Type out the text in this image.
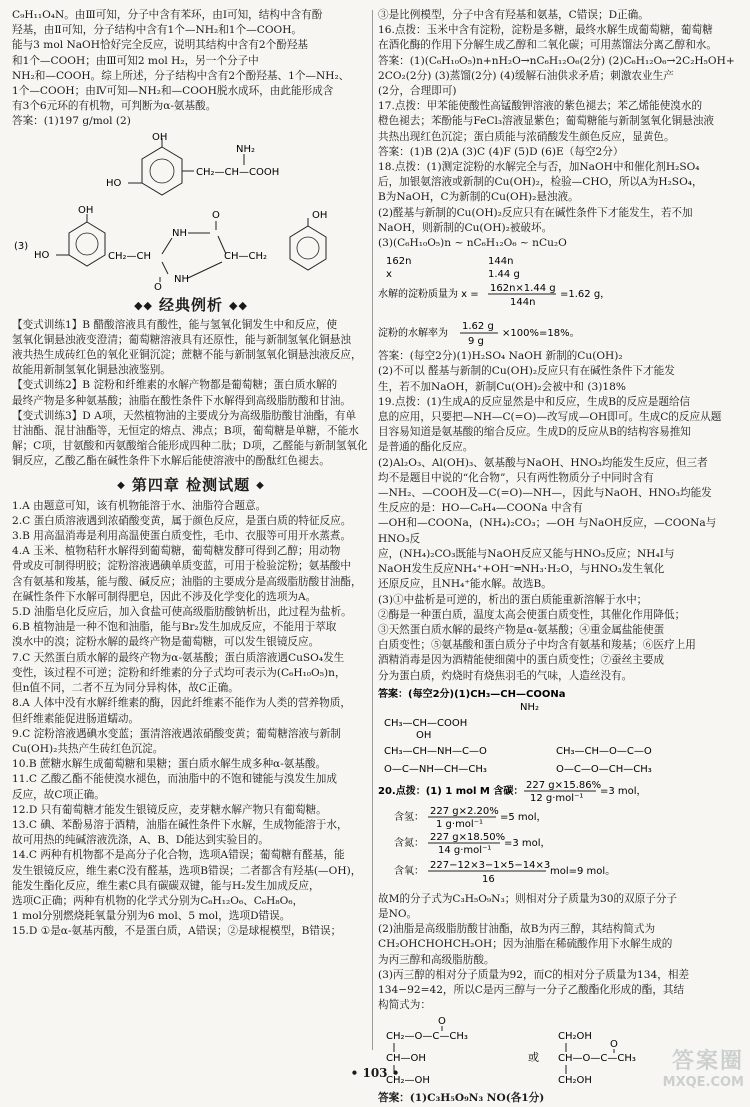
C₉H₁₁O₄N。由Ⅲ可知，分子中含有苯环，由Ⅰ可知，结构中含有酚

羟基，由Ⅱ可知，分子结构中含有1个—NH₂和1个—COOH。

能与3 mol NaOH恰好完全反应，说明其结构中含有2个酚羟基

和1个—COOH；由Ⅲ可知2 mol H₂，另一个分子中

NH₂和—COOH。综上所述，分子结构中含有2个酚羟基、1个—NH₂、

1个—COOH；由Ⅳ可知—NH₂和—COOH脱水成环，由此能形成含

有3个6元环的有机物，可判断为α-氨基酸。

答案：(1)197 g/mol (2)

OH
HO
NH₂
CH₂—CH—COOH
(3)
OH
HO	CH₂—CH
NH
NH
O
O
CH—CH₂
OH
◆◆ 经典例析 ◆◆

【变式训练1】B 醋酸溶液具有酸性，能与氢氧化铜发生中和反应，使

氢氧化铜悬浊液变澄清；葡萄糖溶液具有还原性，能与新制氢氧化铜悬浊

液共热生成砖红色的氧化亚铜沉淀；蔗糖不能与新制氢氧化铜悬浊液反应，

故能用新制氢氧化铜悬浊液鉴别。

【变式训练2】B 淀粉和纤维素的水解产物都是葡萄糖；蛋白质水解的

最终产物是多种氨基酸；油脂在酸性条件下水解得到高级脂肪酸和甘油。

【变式训练3】D A项，天然植物油的主要成分为高级脂肪酸甘油酯，有单

甘油酯、混甘油酯等，无恒定的熔点、沸点；B项，葡萄糖是单糖，不能水

解；C项，甘氨酸和丙氨酸缩合能形成四种二肽；D项，乙醛能与新制氢氧化

铜反应，乙酸乙酯在碱性条件下水解后能使溶液中的酚酞红色褪去。

◆ 第四章 检测试题 ◆

1.A 由题意可知，该有机物能溶于水、油脂符合题意。

2.C 蛋白质溶液遇到浓硝酸变黄，属于颜色反应，是蛋白质的特征反应。

3.B 用高温消毒是利用高温使蛋白质变性，毛巾、衣服等可用开水蒸煮。

4.A 玉米、植物秸秆水解得到葡萄糖，葡萄糖发酵可得到乙醇；用动物

骨或皮可制得明胶；淀粉溶液遇碘单质变蓝，可用于检验淀粉；氨基酸中

含有氨基和羧基，能与酸、碱反应；油脂的主要成分是高级脂肪酸甘油酯，

在碱性条件下水解可制得肥皂，因此不涉及化学变化的选项为A。

5.D 油脂皂化反应后，加入食盐可使高级脂肪酸钠析出，此过程为盐析。

6.B 植物油是一种不饱和油脂，能与Br₂发生加成反应，不能用于萃取

溴水中的溴；淀粉水解的最终产物是葡萄糖，可以发生银镜反应。

7.C 天然蛋白质水解的最终产物为α-氨基酸；蛋白质溶液遇CuSO₄发生

变性，该过程不可逆；淀粉和纤维素的分子式均可表示为(C₆H₁₀O₅)n，

但n值不同，二者不互为同分异构体，故C正确。

8.A 人体中没有水解纤维素的酶，因此纤维素不能作为人类的营养物质，

但纤维素能促进肠道蠕动。

9.C 淀粉溶液遇碘水变蓝；蛋清溶液遇浓硝酸变黄；葡萄糖溶液与新制

Cu(OH)₂共热产生砖红色沉淀。

10.B 蔗糖水解生成葡萄糖和果糖；蛋白质水解生成多种α-氨基酸。

11.C 乙酸乙酯不能使溴水褪色，而油脂中的不饱和键能与溴发生加成

反应，故C项正确。

12.D 只有葡萄糖才能发生银镜反应，麦芽糖水解产物只有葡萄糖。

13.C 碘、苯酚易溶于酒精，油脂在碱性条件下水解，生成物能溶于水，

故可用热的纯碱溶液洗涤，A、B、D能达到实验目的。

14.C 两种有机物都不是高分子化合物，选项A错误；葡萄糖有醛基，能

发生银镜反应，维生素C没有醛基，选项B错误；二者都含有羟基(—OH)，

能发生酯化反应，维生素C具有碳碳双键，能与H₂发生加成反应，

选项C正确；两种有机物的化学式分别为C₆H₁₂O₆、C₆H₈O₆，

1 mol分别燃烧耗氧量分别为6 mol、5 mol，选项D错误。

15.D ①是α-氨基丙酸，不是蛋白质，A错误；②是球棍模型，B错误；

③是比例模型，分子中含有羟基和氨基，C错误；D正确。

16.点拨：玉米中含有淀粉，淀粉是多糖，最终水解生成葡萄糖，葡萄糖

在酒化酶的作用下分解生成乙醇和二氧化碳；可用蒸馏法分离乙醇和水。

答案：(1)(C₆H₁₀O₅)n+nH₂O→nC₆H₁₂O₆(2分) (2)C₆H₁₂O₆→2C₂H₅OH+

2CO₂(2分) (3)蒸馏(2分) (4)缓解石油供求矛盾；刺激农业生产

(2分，合理即可)

17.点拨：甲苯能使酸性高锰酸钾溶液的紫色褪去；苯乙烯能使溴水的

橙色褪去；苯酚能与FeCl₃溶液显紫色；葡萄糖能与新制氢氧化铜悬浊液

共热出现红色沉淀；蛋白质能与浓硝酸发生颜色反应，显黄色。

答案：(1)B (2)A (3)C (4)F (5)D (6)E（每空2分）

18.点拨：(1)测定淀粉的水解完全与否，加NaOH中和催化剂H₂SO₄

后，加银氨溶液或新制的Cu(OH)₂，检验—CHO，所以A为H₂SO₄，

B为NaOH，C为新制的Cu(OH)₂悬浊液。

(2)醛基与新制的Cu(OH)₂反应只有在碱性条件下才能发生，若不加

NaOH，则新制的Cu(OH)₂被破坏。

(3)(C₆H₁₀O₅)n ~ nC₆H₁₂O₆ ~ nCu₂O

162n	144n
x	1.44 g
水解的淀粉质量为 x =
162n×1.44 g
144n
=1.62 g，
淀粉的水解率为
1.62 g
9 g
×100%=18%。

答案：(每空2分)(1)H₂SO₄ NaOH 新制的Cu(OH)₂

(2)不可以 醛基与新制的Cu(OH)₂反应只有在碱性条件下才能发

生，若不加NaOH，新制Cu(OH)₂会被中和 (3)18%

19.点拨：(1)生成A的反应显然是中和反应，生成B的反应是题给信

息的应用，只要把—NH—C(=O)—改写成—OH即可。生成C的反应从题

目容易知道是氨基酸的缩合反应。生成D的反应从B的结构容易推知

是普通的酯化反应。

(2)Al₂O₃、Al(OH)₃、氨基酸与NaOH、HNO₃均能发生反应，但三者

均不是题目中说的“化合物”，只有两性物质分子中同时含有

—NH₂、—COOH及—C(=O)—NH—，因此与NaOH、HNO₃均能发

生反应的是：HO—C₆H₄—COONa 中含有

—OH和—COONa，(NH₄)₂CO₃；—OH 与NaOH反应，—COONa与HNO₃反

应，(NH₄)₂CO₃既能与NaOH反应又能与HNO₃反应；NH₄I与

NaOH发生反应NH₄⁺+OH⁻═NH₃·H₂O，与HNO₃发生氧化

还原反应，且NH₄⁺能水解。故选B。

(3)①中盐析是可逆的，析出的蛋白质能重新溶解于水中；

②酶是一种蛋白质，温度太高会使蛋白质变性，其催化作用降低；

③天然蛋白质水解的最终产物是α-氨基酸；④重金属盐能使蛋

白质变性；⑤氨基酸和蛋白质分子中均含有氨基和羧基；⑥医疗上用

酒精消毒是因为酒精能使细菌中的蛋白质变性；⑦蚕丝主要成

分为蛋白质，灼烧时有烧焦羽毛的气味，人造丝没有。

答案：(每空2分)(1)CH₃—CH—COONa
NH₂
CH₃—CH—COOH
OH
CH₃—CH—NH—C—O
O—C—NH—CH—CH₃
CH₃—CH—O—C—O
O—C—O—CH—CH₃
20.点拨：(1) 1 mol M 含碳：
227 g×15.86%
12 g·mol⁻¹
=3 mol，
含氢：
227 g×2.20%
1 g·mol⁻¹
=5 mol，
含氮：
227 g×18.50%
14 g·mol⁻¹
=3 mol，
含氧：
227−12×3−1×5−14×3
16
mol=9 mol。

故M的分子式为C₃H₅O₉N₃；则相对分子质量为30的双原子分子

是NO。

(2)油脂是高级脂肪酸甘油酯，故B为丙三醇，其结构简式为

CH₂OHCHOHCH₂OH；因为油脂在稀硫酸作用下水解生成的

为丙三醇和高级脂肪酸。

(3)丙三醇的相对分子质量为92，而C的相对分子质量为134，相差

134−92=42，所以C是丙三醇与一分子乙酸酯化形成的酯，其结

构简式为：

CH₂—O—C—CH₃
CH—OH
CH₂—OH
O
或
CH₂OH
CH—O—C—CH₃
CH₂OH
O

答案：(1)C₃H₅O₉N₃ NO(各1分)

• 103 •	答案圈
MXQE.COM
